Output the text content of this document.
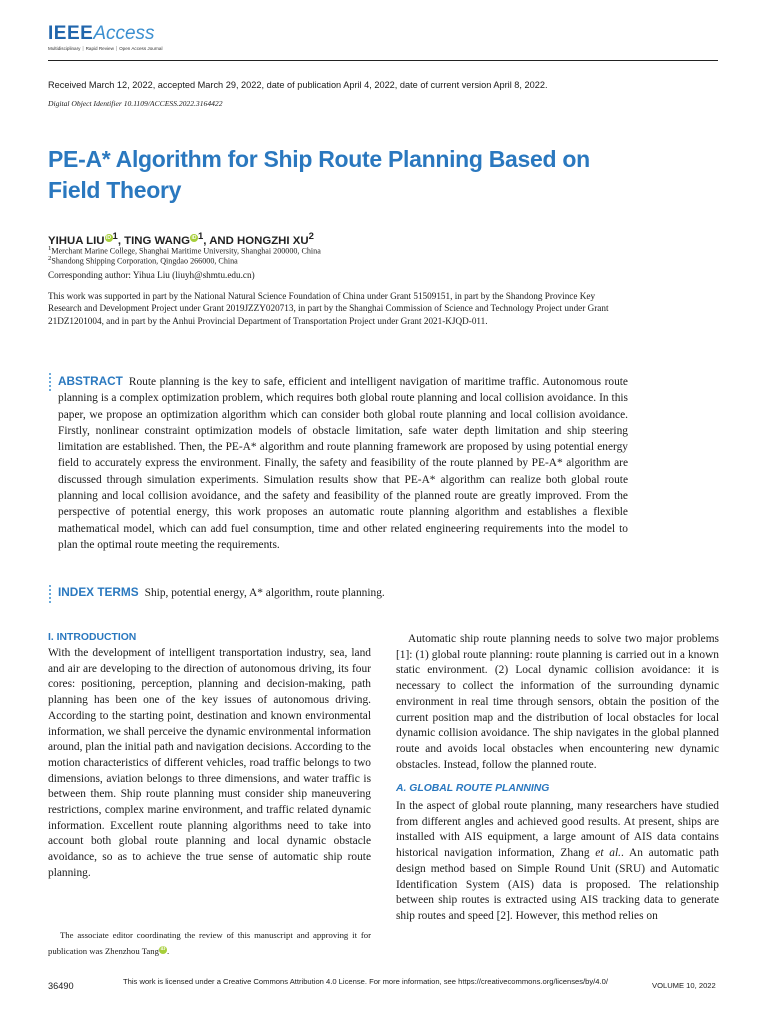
IEEEAccess
Multidisciplinary ⏐ Rapid Review ⏐ Open Access Journal
Received March 12, 2022, accepted March 29, 2022, date of publication April 4, 2022, date of current version April 8, 2022.
Digital Object Identifier 10.1109/ACCESS.2022.3164422
PE-A* Algorithm for Ship Route Planning Based on Field Theory
YIHUA LIU iD $^1$, TING WANG iD $^1$, AND HONGZHI $XU^2$
$^1$Merchant Marine College, Shanghai Maritime University, Shanghai 200000, China
$^2$Shandong Shipping Corporation, Qingdao 266000, China
Corresponding author: Yihua Liu (liuyh@shmtu.edu.cn)
This work was supported in part by the National Natural Science Foundation of China under Grant 51509151, in part by the Shandong Province Key Research and Development Project under Grant 2019JZZY020713, in part by the Shanghai Commission of Science and Technology Project under Grant 21DZ1201004, and in part by the Anhui Provincial Department of Transportation Project under Grant 2021-KJQD-011.
ABSTRACT Route planning is the key to safe, efficient and intelligent navigation of maritime traffic. Autonomous route planning is a complex optimization problem, which requires both global route planning and local collision avoidance. In this paper, we propose an optimization algorithm which can consider both global route planning and local collision avoidance. Firstly, nonlinear constraint optimization models of obstacle limitation, safe water depth limitation and ship steering limitation are established. Then, the PE-A* algorithm and route planning framework are proposed by using potential energy field to accurately express the environment. Finally, the safety and feasibility of the route planned by PE-A* algorithm are discussed through simulation experiments. Simulation results show that PE-A* algorithm can realize both global route planning and local collision avoidance, and the safety and feasibility of the planned route are greatly improved. From the perspective of potential energy, this work proposes an automatic route planning algorithm and establishes a flexible mathematical model, which can add fuel consumption, time and other related engineering requirements into the model to plan the optimal route meeting the requirements.
INDEX TERMS Ship, potential energy, A* algorithm, route planning.
I. INTRODUCTION

With the development of intelligent transportation industry, sea, land and air are developing to the direction of autonomous driving, its four cores: positioning, perception, planning and decision-making, path planning has been one of the key issues of autonomous driving. According to the starting point, destination and known environmental information, we shall perceive the dynamic environmental information around, plan the initial path and navigation decisions. According to the motion characteristics of different vehicles, road traffic belongs to two dimensions, aviation belongs to three dimensions, and water traffic is between them. Ship route planning must consider ship maneuvering restrictions, complex marine environment, and traffic related dynamic information. Excellent route planning algorithms need to take into account both global route planning and local dynamic obstacle avoidance, so as to achieve the true sense of automatic ship route planning.

Automatic ship route planning needs to solve two major problems [1]: (1) global route planning: route planning is carried out in a known static environment. (2) Local dynamic collision avoidance: it is necessary to collect the information of the surrounding dynamic environment in real time through sensors, obtain the position of the current position map and the distribution of local obstacles for local dynamic collision avoidance. The ship navigates in the global planned route and avoids local obstacles when encountering new dynamic obstacles. Instead, follow the planned route.

A. GLOBAL ROUTE PLANNING

In the aspect of global route planning, many researchers have studied from different angles and achieved good results. At present, ships are installed with AIS equipment, a large amount of AIS data contains historical navigation information, Zhang et al.. An automatic path design method based on Simple Round Unit (SRU) and Automatic Identification System (AIS) data is proposed. The relationship between ship routes is extracted using AIS tracking data to generate ship routes and speed [2]. However, this method relies on

The associate editor coordinating the review of this manuscript and approving it for publication was Zhenzhou Tang iD .
36490	This work is licensed under a Creative Commons Attribution 4.0 License. For more information, see https://creativecommons.org/licenses/by/4.0/	VOLUME 10, 2022
